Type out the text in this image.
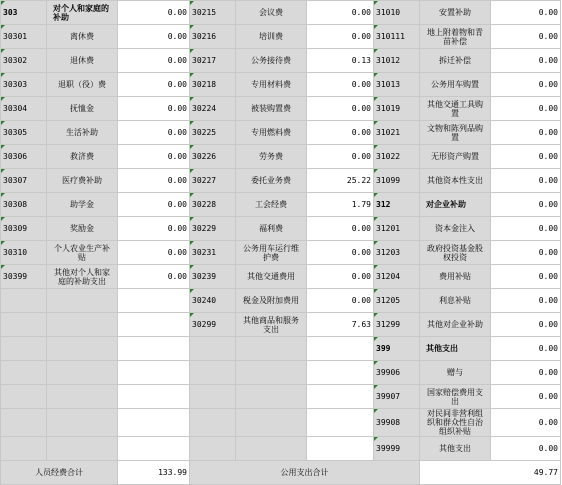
303	对个人和家庭的补助	0.00	30215	会议费	0.00	31010	安置补助	0.00
30301	离休费	0.00	30216	培训费	0.00	310111	地上附着物和青苗补偿	0.00
30302	退休费	0.00	30217	公务接待费	0.13	31012	拆迁补偿	0.00
30303	退职（役）费	0.00	30218	专用材料费	0.00	31013	公务用车购置	0.00
30304	抚恤金	0.00	30224	被装购置费	0.00	31019	其他交通工具购置	0.00
30305	生活补助	0.00	30225	专用燃料费	0.00	31021	文物和陈列品购置	0.00
30306	救济费	0.00	30226	劳务费	0.00	31022	无形资产购置	0.00
30307	医疗费补助	0.00	30227	委托业务费	25.22	31099	其他资本性支出	0.00
30308	助学金	0.00	30228	工会经费	1.79	312	对企业补助	0.00
30309	奖励金	0.00	30229	福利费	0.00	31201	资本金注入	0.00
30310	个人农业生产补贴	0.00	30231	公务用车运行维护费	0.00	31203	政府投资基金股权投资	0.00
30399	其他对个人和家庭的补助支出	0.00	30239	其他交通费用	0.00	31204	费用补贴	0.00
			30240	税金及附加费用	0.00	31205	利息补贴	0.00
			30299	其他商品和服务支出	7.63	31299	其他对企业补助	0.00
						399	其他支出	0.00
						39906	赠与	0.00
						39907	国家赔偿费用支出	0.00
						39908	对民间非营利组织和群众性自治组织补贴	0.00
						39999	其他支出	0.00
人员经费合计		133.99	公用支出合计				49.77	
